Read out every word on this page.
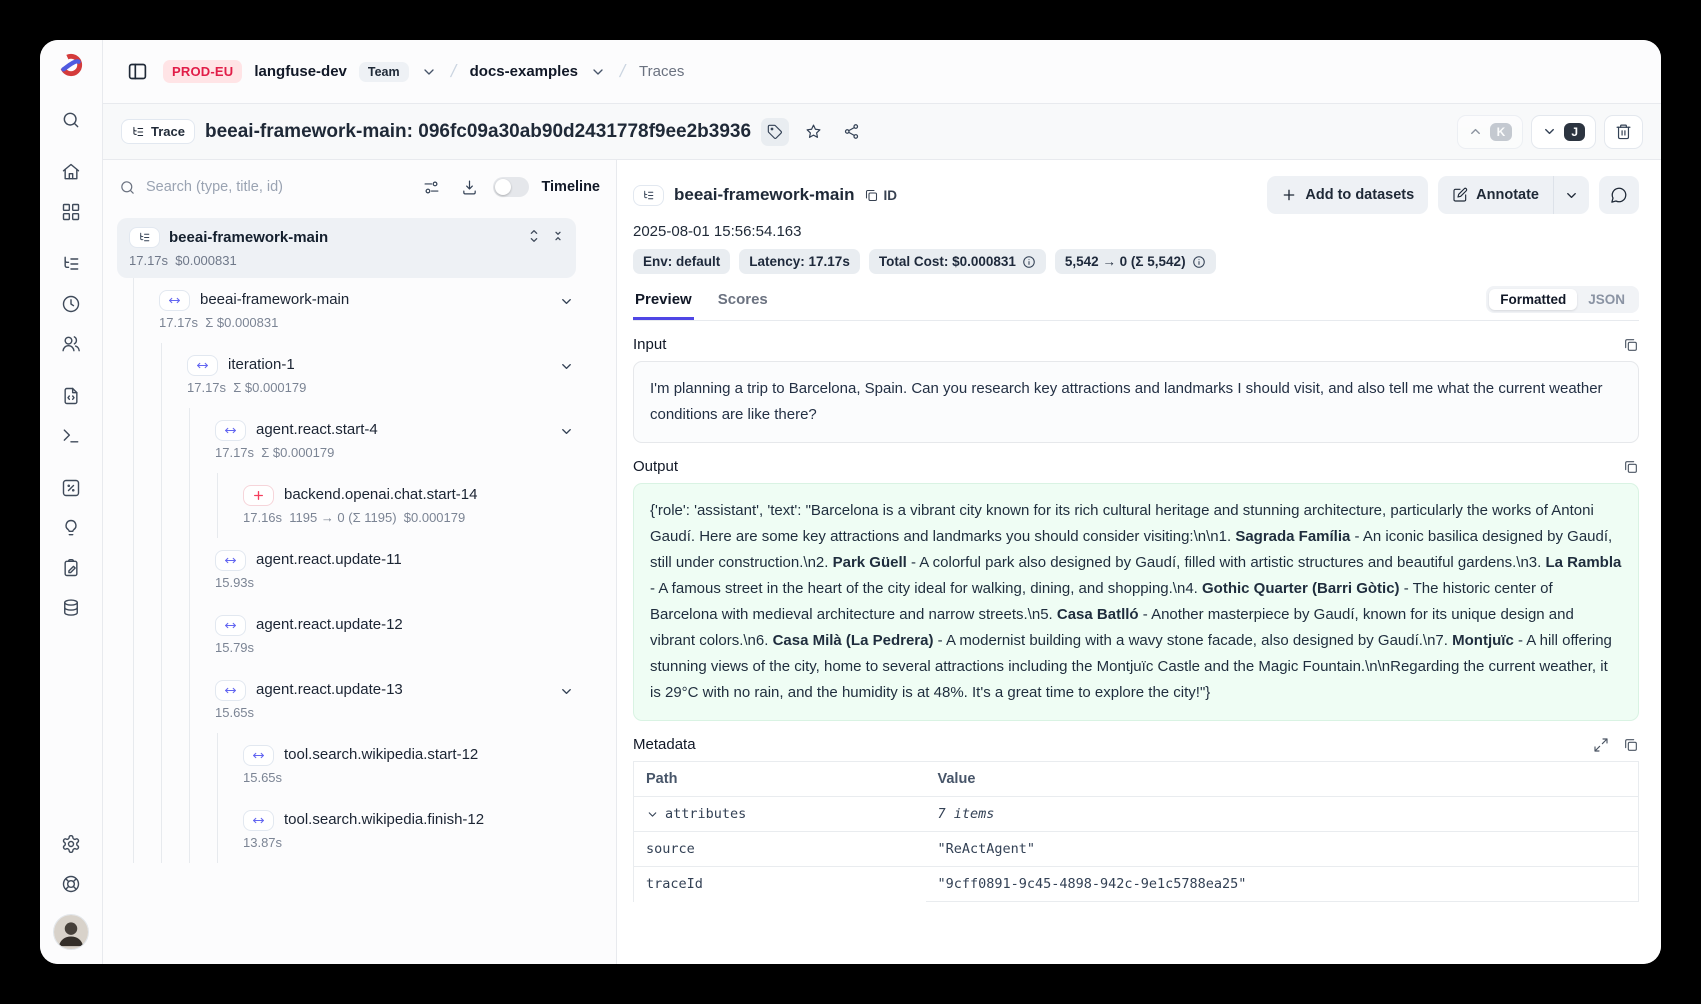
PROD-EU	langfuse-dev	Team	/ docs-examples / Traces
Trace beeai-framework-main: 096fc09a30ab90d2431778f9ee2b3936	K	J
Search (type, title, id)
Timeline
beeai-framework-main
17.17s  $0.000831
beeai-framework-main
17.17s  Σ $0.000831
iteration-1
17.17s  Σ $0.000179
agent.react.start-4
17.17s  Σ $0.000179
backend.openai.chat.start-14
17.16s  1195 → 0 (Σ 1195)  $0.000179
agent.react.update-11
15.93s
agent.react.update-12
15.79s
agent.react.update-13
15.65s
tool.search.wikipedia.start-12
15.65s
tool.search.wikipedia.finish-12
13.87s
beeai-framework-main ID	Add to datasets	Annotate
2025-08-01 15:56:54.163
Env: default Latency: 17.17s Total Cost: $0.000831	5,542 → 0 (Σ 5,542)
Preview Scores	Formatted	JSON
Input
I'm planning a trip to Barcelona, Spain. Can you research key attractions and landmarks I should visit, and also tell me what the current weather conditions are like there?
Output
{'role': 'assistant', 'text': "Barcelona is a vibrant city known for its rich cultural heritage and stunning architecture, particularly the works of Antoni Gaudí. Here are some key attractions and landmarks you should consider visiting:\n\n1. Sagrada Família - An iconic basilica designed by Gaudí, still under construction.\n2. Park Güell - A colorful park also designed by Gaudí, filled with artistic structures and beautiful gardens.\n3. La Rambla - A famous street in the heart of the city ideal for walking, dining, and shopping.\n4. Gothic Quarter (Barri Gòtic) - The historic center of Barcelona with medieval architecture and narrow streets.\n5. Casa Batlló - Another masterpiece by Gaudí, known for its unique design and vibrant colors.\n6. Casa Milà (La Pedrera) - A modernist building with a wavy stone facade, also designed by Gaudí.\n7. Montjuïc - A hill offering stunning views of the city, home to several attractions including the Montjuïc Castle and the Magic Fountain.\n\nRegarding the current weather, it is 29°C with no rain, and the humidity is at 48%. It's a great time to explore the city!"}
Metadata
Path	Value

attributes	7 items

source	"ReActAgent"

traceId	"9cff0891-9c45-4898-942c-9e1c5788ea25"
